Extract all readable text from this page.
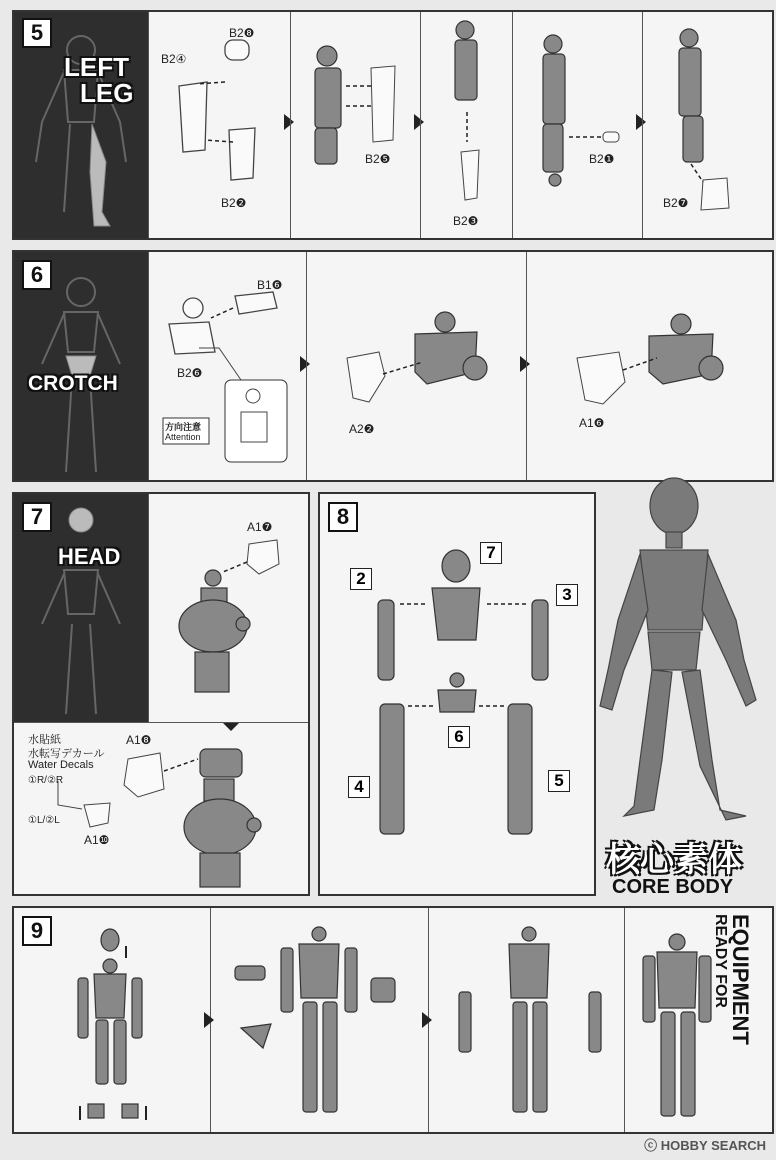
5
LEFT
LEG
B2❽
B2④
B2❷
B2❺
B2❸
B2❶
B2❼
6
CROTCH
B1❻
B2❻
方向注意
Attention
A2❷	A1❻
7
HEAD
A1❼
水貼紙
水転写デカール
Water Decals
①R/②R
①L/②L
A1❽
A1❿
8
2
7
3
6
4	5
核心素体
CORE BODY
9	EQUIPMENT
READY FOR
ⓒ HOBBY SEARCH
